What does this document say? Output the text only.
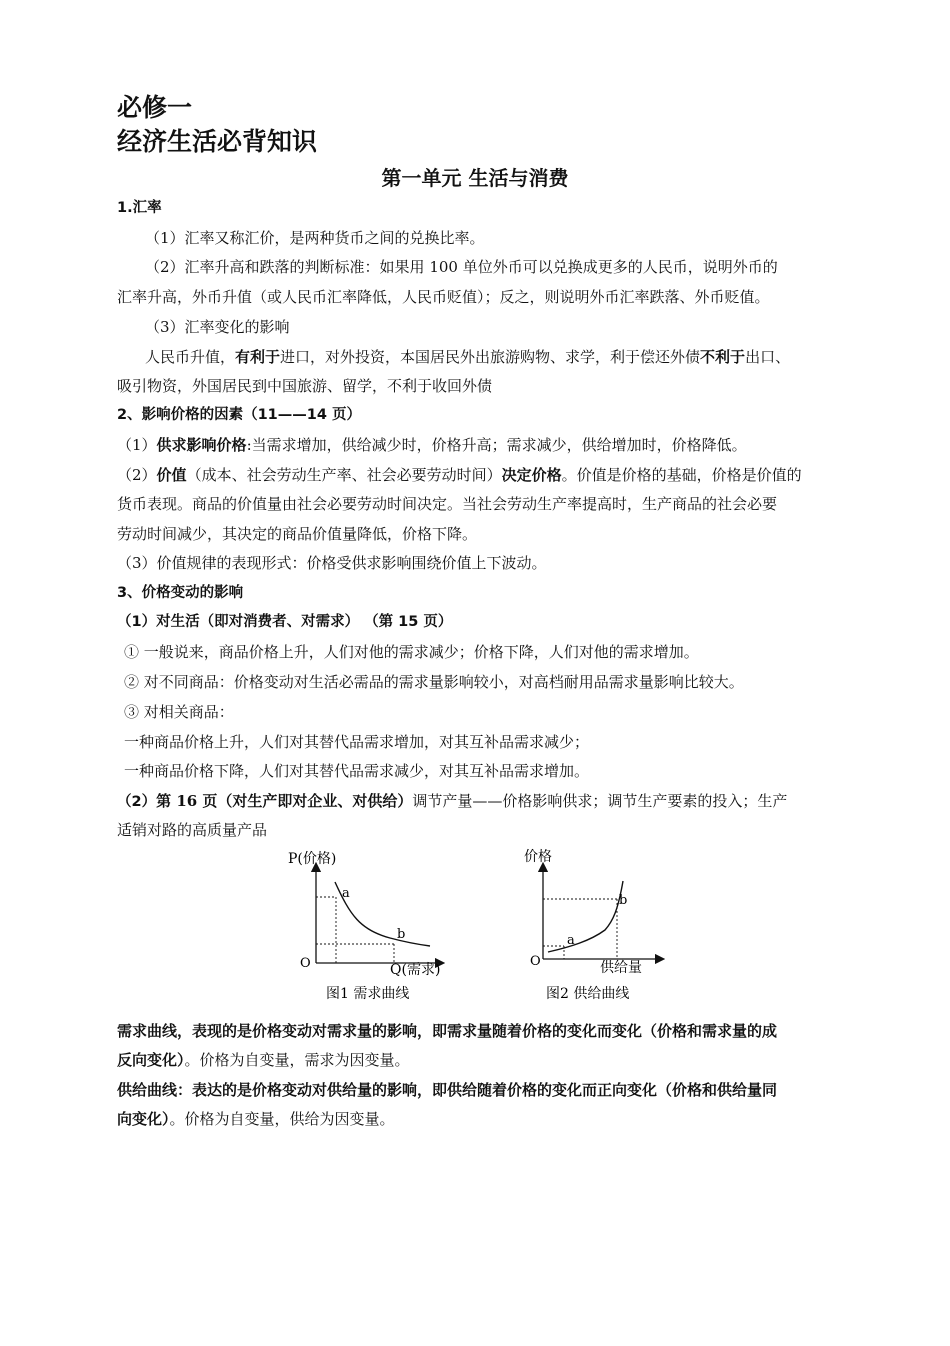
必修一
经济生活必背知识
第一单元 生活与消费
1.汇率
（1）汇率又称汇价，是两种货币之间的兑换比率。
（2）汇率升高和跌落的判断标准：如果用 100 单位外币可以兑换成更多的人民币，说明外币的
汇率升高，外币升值（或人民币汇率降低，人民币贬值）；反之，则说明外币汇率跌落、外币贬值。
（3）汇率变化的影响
人民币升值，有利于进口，对外投资，本国居民外出旅游购物、求学，利于偿还外债不利于出口、
吸引物资，外国居民到中国旅游、留学，不利于收回外债
2、影响价格的因素（11——14 页）
（1）供求影响价格:当需求增加，供给减少时，价格升高；需求减少，供给增加时，价格降低。
（2）价值（成本、社会劳动生产率、社会必要劳动时间）决定价格。价值是价格的基础，价格是价值的
货币表现。商品的价值量由社会必要劳动时间决定。当社会劳动生产率提高时，生产商品的社会必要
劳动时间减少，其决定的商品价值量降低，价格下降。
（3）价值规律的表现形式：价格受供求影响围绕价值上下波动。
3、价格变动的影响
（1）对生活（即对消费者、对需求） （第 15 页）
① 一般说来，商品价格上升，人们对他的需求减少；价格下降，人们对他的需求增加。
② 对不同商品：价格变动对生活必需品的需求量影响较小，对高档耐用品需求量影响比较大。
③ 对相关商品：
一种商品价格上升，人们对其替代品需求增加，对其互补品需求减少；
一种商品价格下降，人们对其替代品需求减少，对其互补品需求增加。
（2）第 16 页（对生产即对企业、对供给）调节产量——价格影响供求；调节生产要素的投入；生产
适销对路的高质量产品
P(价格)
Q(需求)
O
a
b
图1 需求曲线
价格
供给量
O
a
b
图2 供给曲线
需求曲线，表现的是价格变动对需求量的影响，即需求量随着价格的变化而变化（价格和需求量的成
反向变化）。价格为自变量，需求为因变量。
供给曲线：表达的是价格变动对供给量的影响，即供给随着价格的变化而正向变化（价格和供给量同
向变化）。价格为自变量，供给为因变量。
